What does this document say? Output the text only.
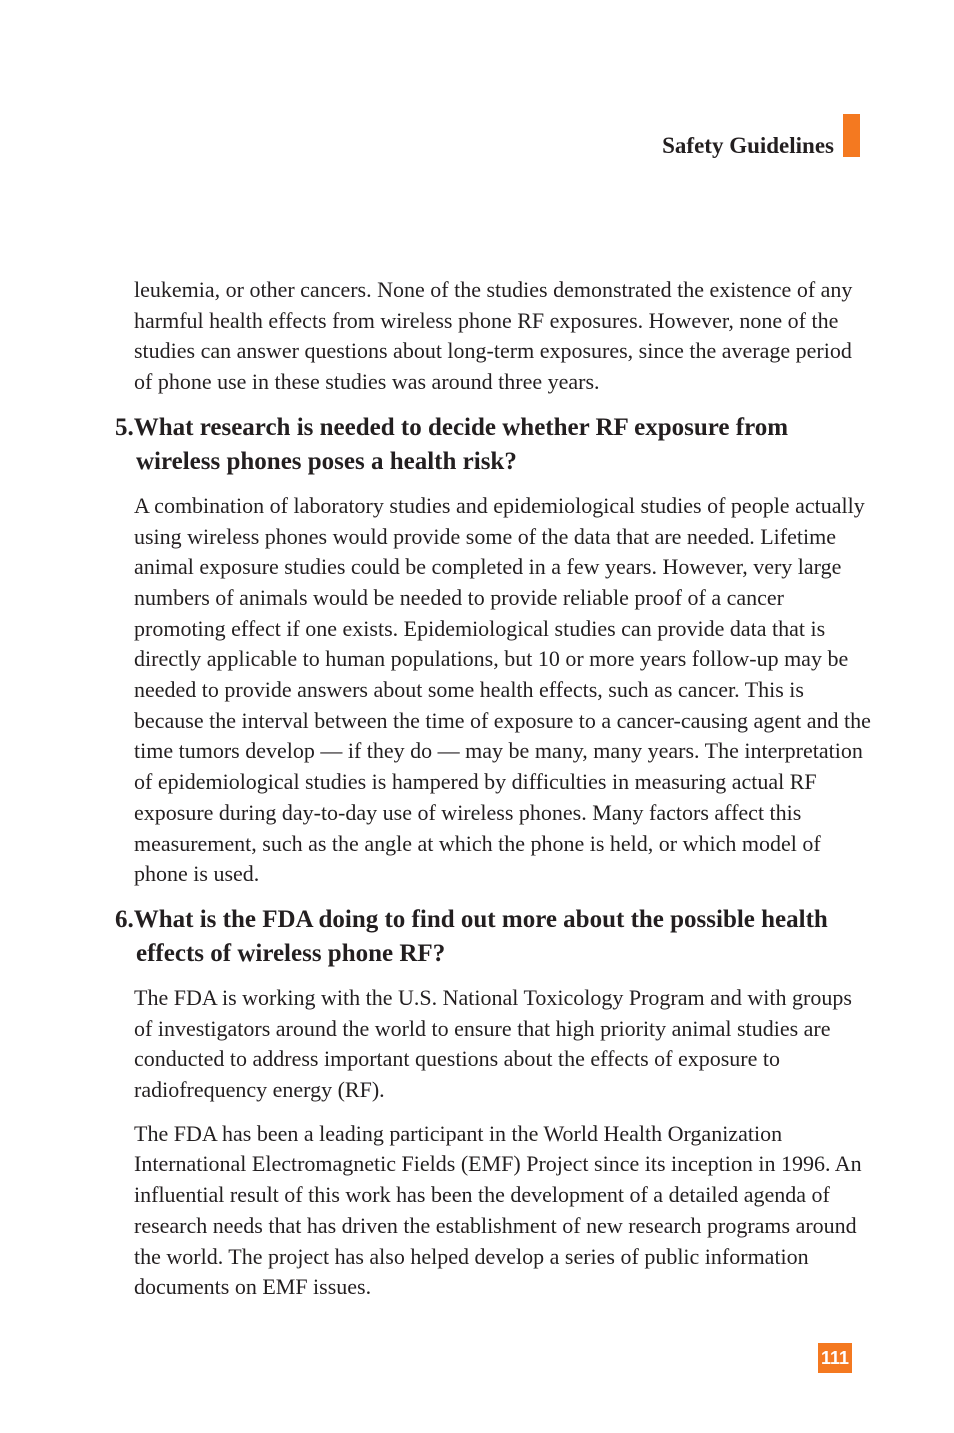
Safety Guidelines

leukemia, or other cancers. None of the studies demonstrated the existence of any harmful health effects from wireless phone RF exposures. However, none of the studies can answer questions about long-term exposures, since the average period of phone use in these studies was around three years.

5.What research is needed to decide whether RF exposure from wireless phones poses a health risk?

A combination of laboratory studies and epidemiological studies of people actually using wireless phones would provide some of the data that are needed. Lifetime animal exposure studies could be completed in a few years. However, very large numbers of animals would be needed to provide reliable proof of a cancer promoting effect if one exists. Epidemiological studies can provide data that is directly applicable to human populations, but 10 or more years follow-up may be needed to provide answers about some health effects, such as cancer. This is because the interval between the time of exposure to a cancer-causing agent and the time tumors develop — if they do — may be many, many years. The interpretation of epidemiological studies is hampered by difficulties in measuring actual RF exposure during day-to-day use of wireless phones. Many factors affect this measurement, such as the angle at which the phone is held, or which model of phone is used.

6.What is the FDA doing to find out more about the possible health effects of wireless phone RF?

The FDA is working with the U.S. National Toxicology Program and with groups of investigators around the world to ensure that high priority animal studies are conducted to address important questions about the effects of exposure to radiofrequency energy (RF).

The FDA has been a leading participant in the World Health Organization International Electromagnetic Fields (EMF) Project since its inception in 1996. An influential result of this work has been the development of a detailed agenda of research needs that has driven the establishment of new research programs around the world. The project has also helped develop a series of public information documents on EMF issues.

111
